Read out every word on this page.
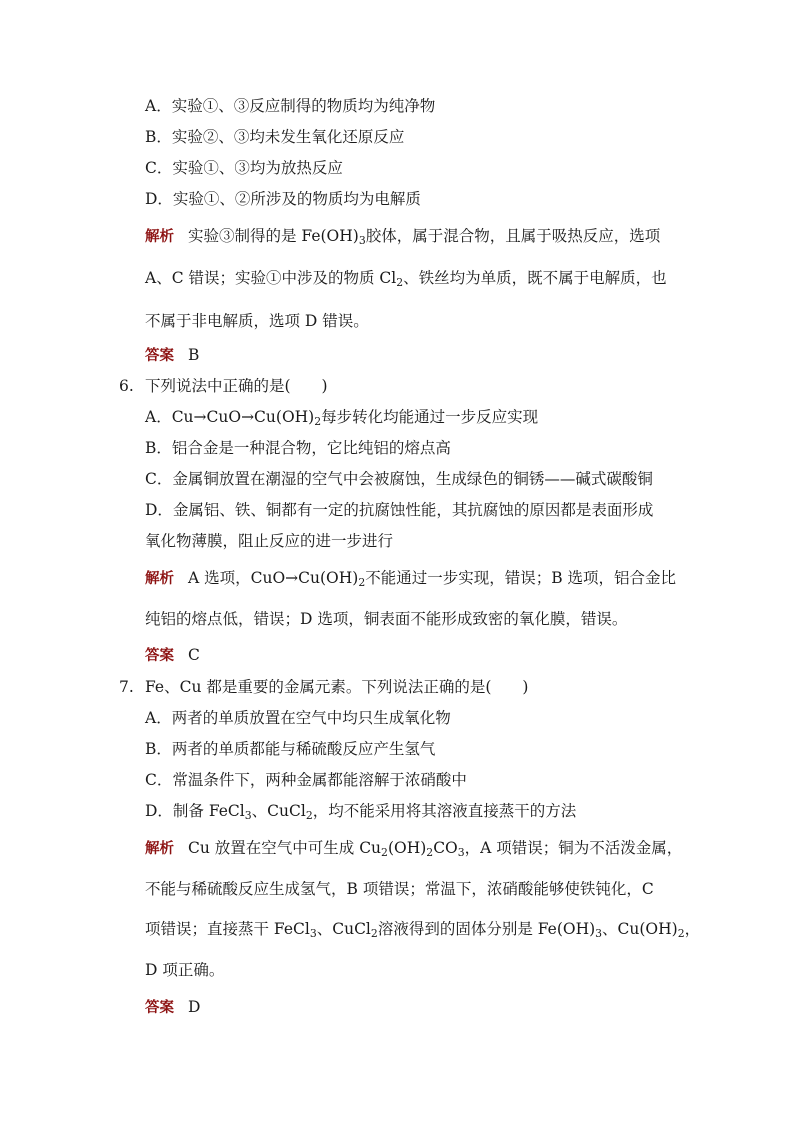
A．实验①、③反应制得的物质均为纯净物
B．实验②、③均未发生氧化还原反应
C．实验①、③均为放热反应
D．实验①、②所涉及的物质均为电解质
解析 实验③制得的是 $Fe(OH)_3$胶体，属于混合物，且属于吸热反应，选项
A、C 错误；实验①中涉及的物质 $Cl_2$、铁丝均为单质，既不属于电解质，也
不属于非电解质，选项 D 错误。
答案 B
6. 下列说法中正确的是(　　)
A．$Cu\to CuO\to Cu(OH)_2$每步转化均能通过一步反应实现
B．铝合金是一种混合物，它比纯铝的熔点高
C．金属铜放置在潮湿的空气中会被腐蚀，生成绿色的铜锈——碱式碳酸铜
D．金属铝、铁、铜都有一定的抗腐蚀性能，其抗腐蚀的原因都是表面形成
氧化物薄膜，阻止反应的进一步进行
解析 A 选项，$CuO\to Cu(OH)_2$不能通过一步实现，错误；B 选项，铝合金比
纯铝的熔点低，错误；D 选项，铜表面不能形成致密的氧化膜，错误。
答案 C
7. Fe、Cu 都是重要的金属元素。下列说法正确的是(　　)
A．两者的单质放置在空气中均只生成氧化物
B．两者的单质都能与稀硫酸反应产生氢气
C．常温条件下，两种金属都能溶解于浓硝酸中
D．制备 FeCl$_3$、CuCl$_2$，均不能采用将其溶液直接蒸干的方法
解析 Cu 放置在空气中可生成 $Cu_2(OH)_2CO_3$，A 项错误；铜为不活泼金属，
不能与稀硫酸反应生成氢气，B 项错误；常温下，浓硝酸能够使铁钝化，C
项错误；直接蒸干 FeCl$_3$、CuCl$_2$溶液得到的固体分别是 $Fe(OH)_3$、$Cu(OH)_2$，
D 项正确。
答案 D
